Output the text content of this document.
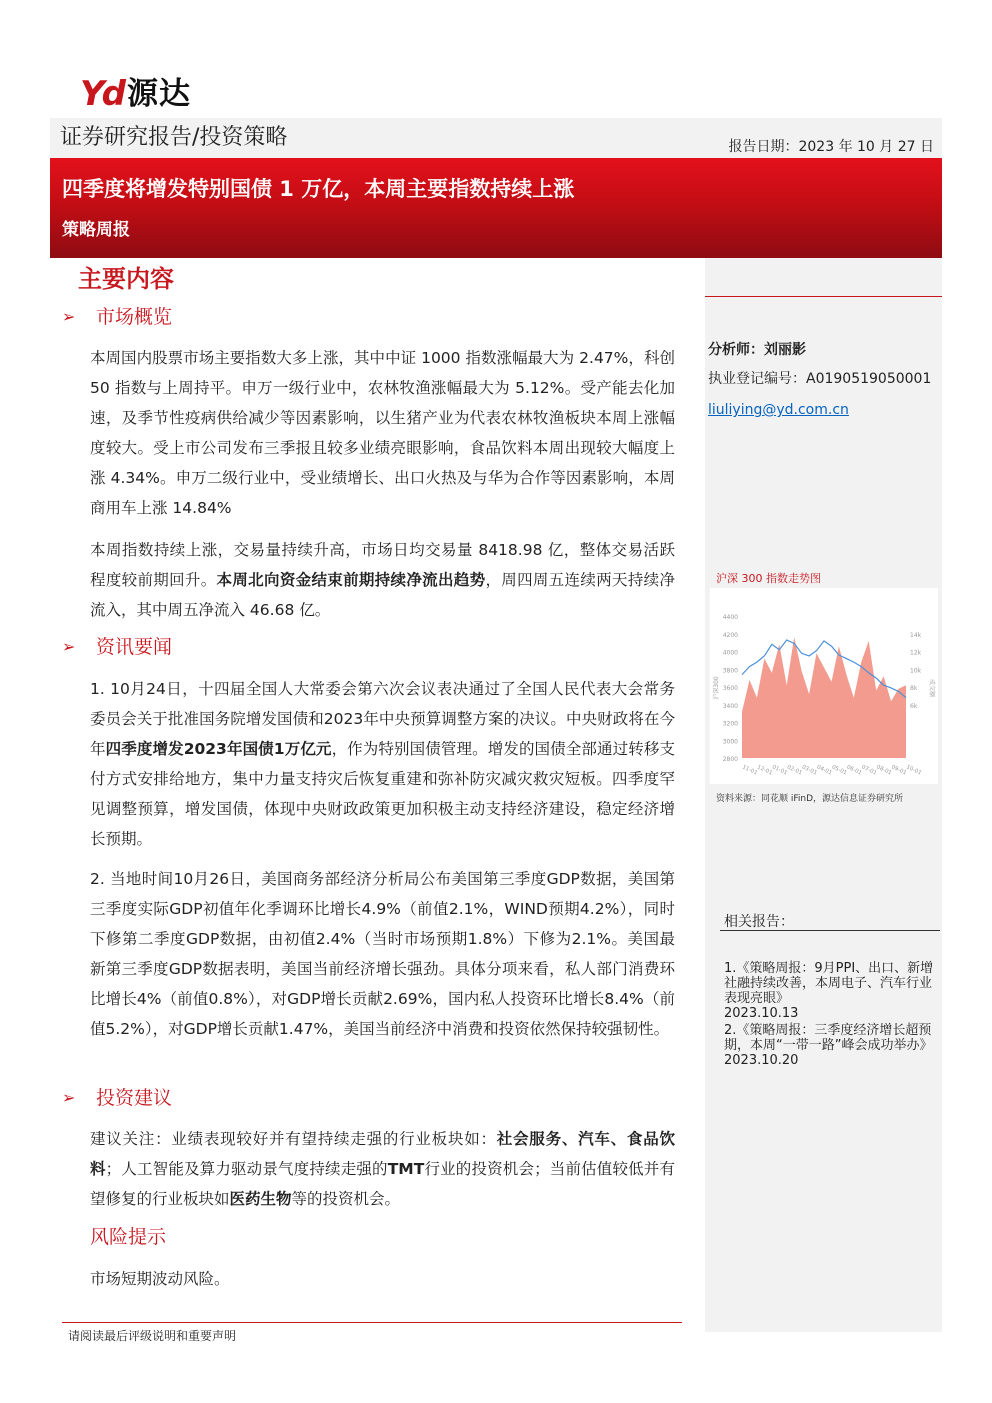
Yd 源达
证券研究报告/投资策略	报告日期：2023 年 10 月 27 日
四季度将增发特别国债 1 万亿，本周主要指数持续上涨
策略周报
分析师：刘丽影
执业登记编号：A0190519050001
liuliying@yd.com.cn
沪深 300 指数走势图
2800
3000
3200
3400
3600
3800
4000
4200
4400
6k
8k
10k
12k
14k
沪深300	成交额
11-01
12-01
01-01
02-01
03-01
04-01
05-01
06-01
07-01
08-01
09-01
10-01
资料来源：同花顺 iFinD，源达信息证券研究所
相关报告：
1.《策略周报：9月PPI、出口、新增社融持续改善，本周电子、汽车行业表现亮眼》
2023.10.13
2.《策略周报：三季度经济增长超预期，本周“一带一路”峰会成功举办》
2023.10.20
主要内容
➢	市场概览
本周国内股票市场主要指数大多上涨，其中中证 1000 指数涨幅最大为 2.47%，科创 50 指数与上周持平。申万一级行业中，农林牧渔涨幅最大为 5.12%。受产能去化加速，及季节性疫病供给减少等因素影响，以生猪产业为代表农林牧渔板块本周上涨幅度较大。受上市公司发布三季报且较多业绩亮眼影响，食品饮料本周出现较大幅度上涨 4.34%。申万二级行业中，受业绩增长、出口火热及与华为合作等因素影响，本周商用车上涨 14.84%
本周指数持续上涨，交易量持续升高，市场日均交易量 8418.98 亿，整体交易活跃程度较前期回升。本周北向资金结束前期持续净流出趋势，周四周五连续两天持续净流入，其中周五净流入 46.68 亿。
➢	资讯要闻
1. 10月24日，十四届全国人大常委会第六次会议表决通过了全国人民代表大会常务委员会关于批准国务院增发国债和2023年中央预算调整方案的决议。中央财政将在今年四季度增发2023年国债1万亿元，作为特别国债管理。增发的国债全部通过转移支付方式安排给地方，集中力量支持灾后恢复重建和弥补防灾减灾救灾短板。四季度罕见调整预算，增发国债，体现中央财政政策更加积极主动支持经济建设，稳定经济增长预期。
2. 当地时间10月26日，美国商务部经济分析局公布美国第三季度GDP数据，美国第三季度实际GDP初值年化季调环比增长4.9%（前值2.1%，WIND预期4.2%），同时下修第二季度GDP数据，由初值2.4%（当时市场预期1.8%）下修为2.1%。美国最新第三季度GDP数据表明，美国当前经济增长强劲。具体分项来看，私人部门消费环比增长4%（前值0.8%），对GDP增长贡献2.69%，国内私人投资环比增长8.4%（前值5.2%），对GDP增长贡献1.47%，美国当前经济中消费和投资依然保持较强韧性。
➢	投资建议
建议关注：业绩表现较好并有望持续走强的行业板块如：社会服务、汽车、食品饮料；人工智能及算力驱动景气度持续走强的TMT行业的投资机会；当前估值较低并有望修复的行业板块如医药生物等的投资机会。
风险提示
市场短期波动风险。
请阅读最后评级说明和重要声明
